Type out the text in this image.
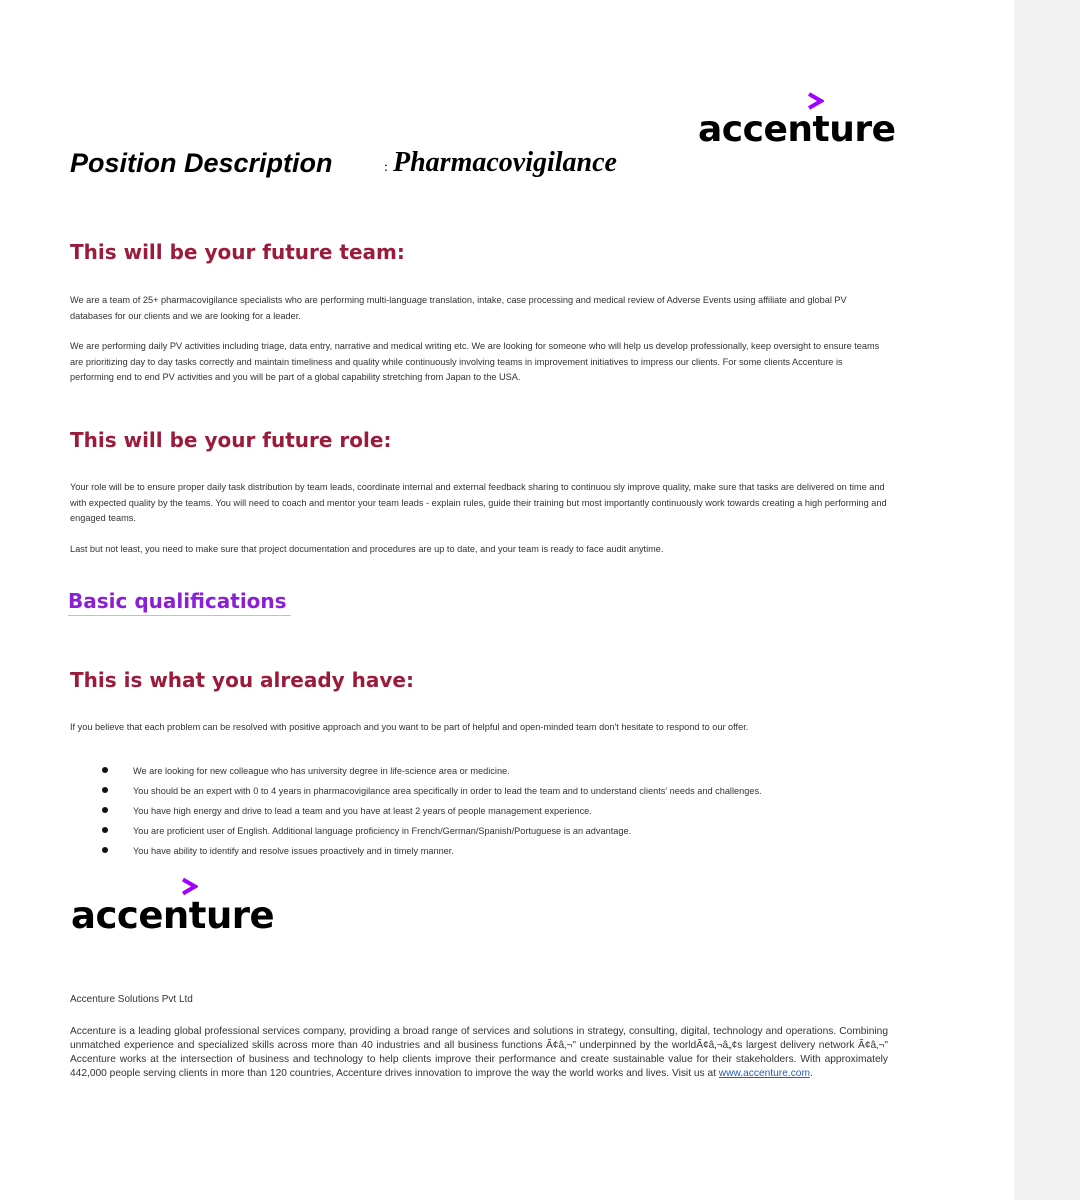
accenture
Position Description	: Pharmacovigilance
This will be your future team:

We are a team of 25+ pharmacovigilance specialists who are performing multi-language translation, intake, case processing and medical review of Adverse Events using affiliate and global PV databases for our clients and we are looking for a leader.

We are performing daily PV activities including triage, data entry, narrative and medical writing etc. We are looking for someone who will help us develop professionally, keep oversight to ensure teams are prioritizing day to day tasks correctly and maintain timeliness and quality while continuously involving teams in improvement initiatives to impress our clients. For some clients Accenture is performing end to end PV activities and you will be part of a global capability stretching from Japan to the USA.

This will be your future role:

Your role will be to ensure proper daily task distribution by team leads, coordinate internal and external feedback sharing to continuou sly improve quality, make sure that tasks are delivered on time and with expected quality by the teams. You will need to coach and mentor your team leads - explain rules, guide their training but most importantly continuously work towards creating a high performing and engaged teams.

Last but not least, you need to make sure that project documentation and procedures are up to date, and your team is ready to face audit anytime.

Basic qualifications
This is what you already have:

If you believe that each problem can be resolved with positive approach and you want to be part of helpful and open-minded team don't hesitate to respond to our offer.

We are looking for new colleague who has university degree in life-science area or medicine.
You should be an expert with 0 to 4 years in pharmacovigilance area specifically in order to lead the team and to understand clients' needs and challenges.
You have high energy and drive to lead a team and you have at least 2 years of people management experience.
You are proficient user of English. Additional language proficiency in French/German/Spanish/Portuguese is an advantage.
You have ability to identify and resolve issues proactively and in timely manner.
accenture
Accenture Solutions Pvt Ltd

Accenture is a leading global professional services company, providing a broad range of services and solutions in strategy, consulting, digital, technology and operations. Combining unmatched experience and specialized skills across more than 40 industries and all business functions Ã¢â‚¬" underpinned by the worldÃ¢â‚¬â„¢s largest delivery network Ã¢â‚¬" Accenture works at the intersection of business and technology to help clients improve their performance and create sustainable value for their stakeholders. With approximately 442,000 people serving clients in more than 120 countries, Accenture drives innovation to improve the way the world works and lives. Visit us at www.accenture.com.
